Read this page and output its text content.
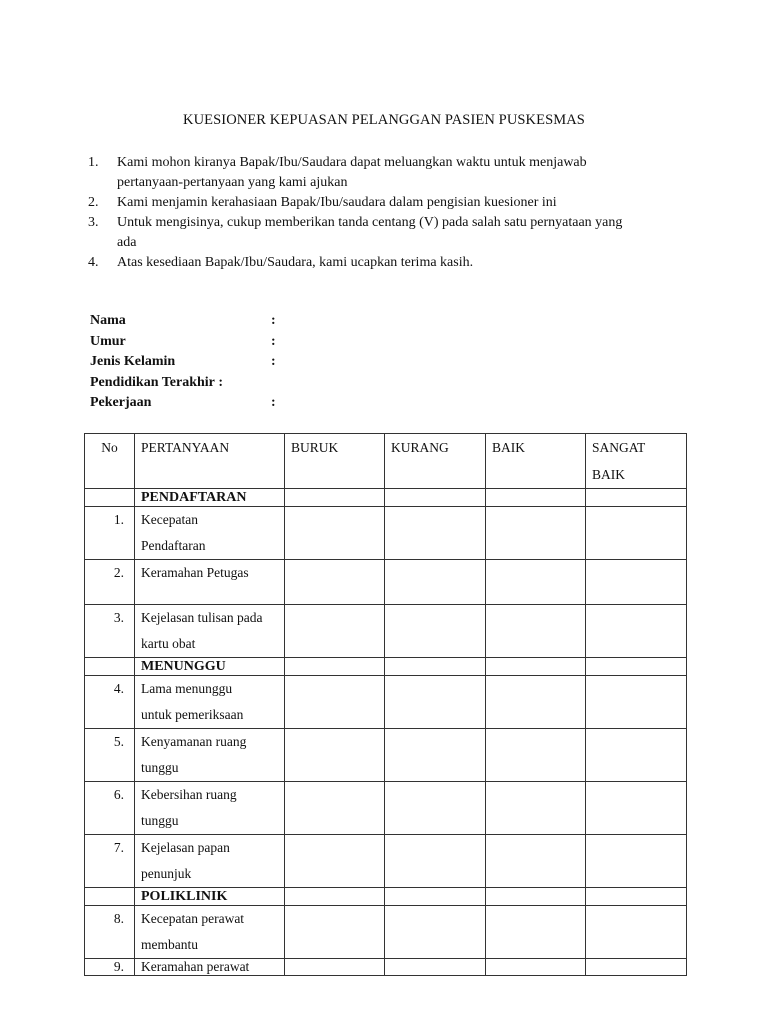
KUESIONER KEPUASAN PELANGGAN PASIEN PUSKESMAS
1. Kami mohon kiranya Bapak/Ibu/Saudara dapat meluangkan waktu untuk menjawab
pertanyaan-pertanyaan yang kami ajukan
2. Kami menjamin kerahasiaan Bapak/Ibu/saudara dalam pengisian kuesioner ini
3. Untuk mengisinya, cukup memberikan tanda centang (V) pada salah satu pernyataan yang
ada
4. Atas kesediaan Bapak/Ibu/Saudara, kami ucapkan terima kasih.
Nama	:
Umur	:
Jenis Kelamin	:
Pendidikan Terakhir :
Pekerjaan	:
No	PERTANYAAN	BURUK	KURANG	BAIK	SANGAT
BAIK

	PENDAFTARAN				
1.	Kecepatan
Pendaftaran				

2.	Keramahan Petugas				

3.	Kejelasan tulisan pada
kartu obat				

	MENUNGGU				
4.	Lama menunggu
untuk pemeriksaan				

5.	Kenyamanan ruang
tunggu				

6.	Kebersihan ruang
tunggu				

7.	Kejelasan papan
penunjuk				

	POLIKLINIK				
8.	Kecepatan perawat
membantu				

9.	Keramahan perawat				
